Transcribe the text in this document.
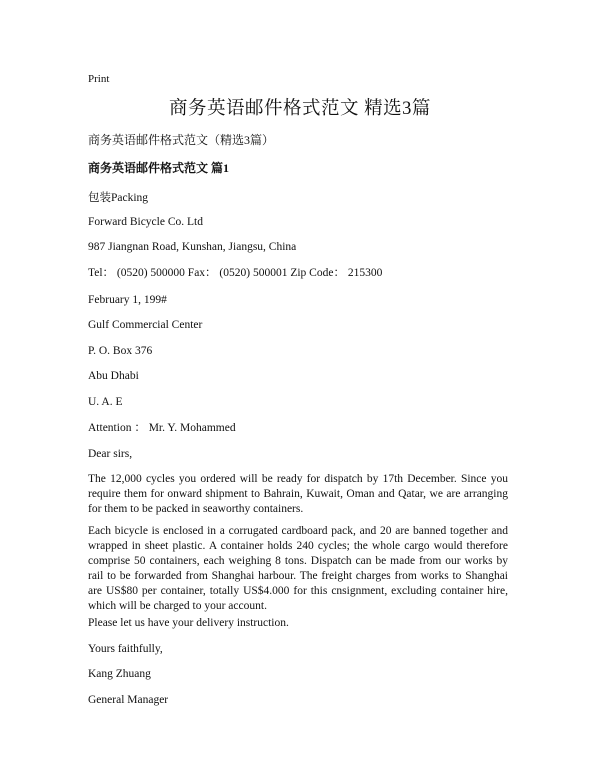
Print

商务英语邮件格式范文 精选3篇

商务英语邮件格式范文（精选3篇）

商务英语邮件格式范文 篇1

包装Packing

Forward Bicycle Co. Ltd

987 Jiangnan Road, Kunshan, Jiangsu, China

Tel： (0520) 500000 Fax： (0520) 500001 Zip Code： 215300

February 1, 199#

Gulf Commercial Center

P. O. Box 376

Abu Dhabi

U. A. E

Attention ： Mr. Y. Mohammed

Dear sirs,

The 12,000 cycles you ordered will be ready for dispatch by 17th December. Since you require them for onward shipment to Bahrain, Kuwait, Oman and Qatar, we are arranging for them to be packed in seaworthy containers.

Each bicycle is enclosed in a corrugated cardboard pack, and 20 are banned together and wrapped in sheet plastic. A container holds 240 cycles; the whole cargo would therefore comprise 50 containers, each weighing 8 tons. Dispatch can be made from our works by rail to be forwarded from Shanghai harbour. The freight charges from works to Shanghai are US$80 per container, totally US$4.000 for this cnsignment, excluding container hire, which will be charged to your account.

Please let us have your delivery instruction.

Yours faithfully,

Kang Zhuang

General Manager
